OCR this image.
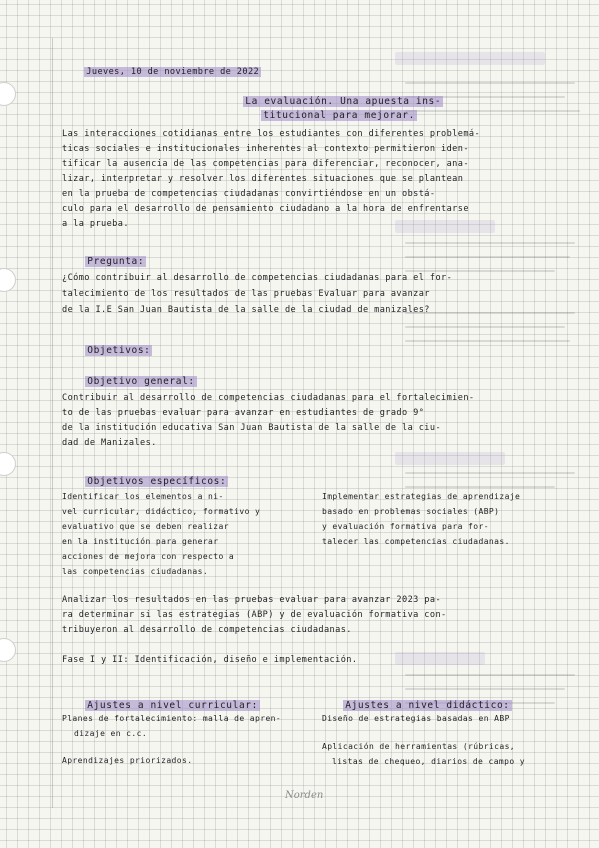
Jueves, 10 de noviembre de 2022

La evaluación. Una apuesta ins-

titucional para mejorar.

Las interacciones cotidianas entre los estudiantes con diferentes problemá-
ticas sociales e institucionales inherentes al contexto permitieron iden-
tificar la ausencia de las competencias para diferenciar, reconocer, ana-
lizar, interpretar y resolver los diferentes situaciones que se plantean
en la prueba de competencias ciudadanas convirtiéndose en un obstá-
culo para el desarrollo de pensamiento ciudadano a la hora de enfrentarse
a la prueba.

Pregunta:

¿Cómo contribuir al desarrollo de competencias ciudadanas para el for-
talecimiento de los resultados de las pruebas Evaluar para avanzar
de la I.E San Juan Bautista de la salle de la ciudad de manizales?

Objetivos:

Objetivo general:

Contribuir al desarrollo de competencias ciudadanas para el fortalecimien-
to de las pruebas evaluar para avanzar en estudiantes de grado 9°
de la institución educativa San Juan Bautista de la salle de la ciu-
dad de Manizales.

Objetivos específicos:

Identificar los elementos a ni-
vel curricular, didáctico, formativo y
evaluativo que se deben realizar
en la institución para generar
acciones de mejora con respecto a
las competencias ciudadanas.
Implementar estrategias de aprendizaje
basado en problemas sociales (ABP)
y evaluación formativa para for-
talecer las competencias ciudadanas.
Analizar los resultados en las pruebas evaluar para avanzar 2023 pa-
ra determinar si las estrategias (ABP) y de evaluación formativa con-
tribuyeron al desarrollo de competencias ciudadanas.
Fase I y II: Identificación, diseño e implementación.

Ajustes a nivel curricular:
	Ajustes a nivel didáctico:

Planes de fortalecimiento: malla de apren-
dizaje en c.c.
Aprendizajes priorizados.
Diseño de estrategias basadas en ABP
Aplicación de herramientas (rúbricas,
listas de chequeo, diarios de campo y
Norden
